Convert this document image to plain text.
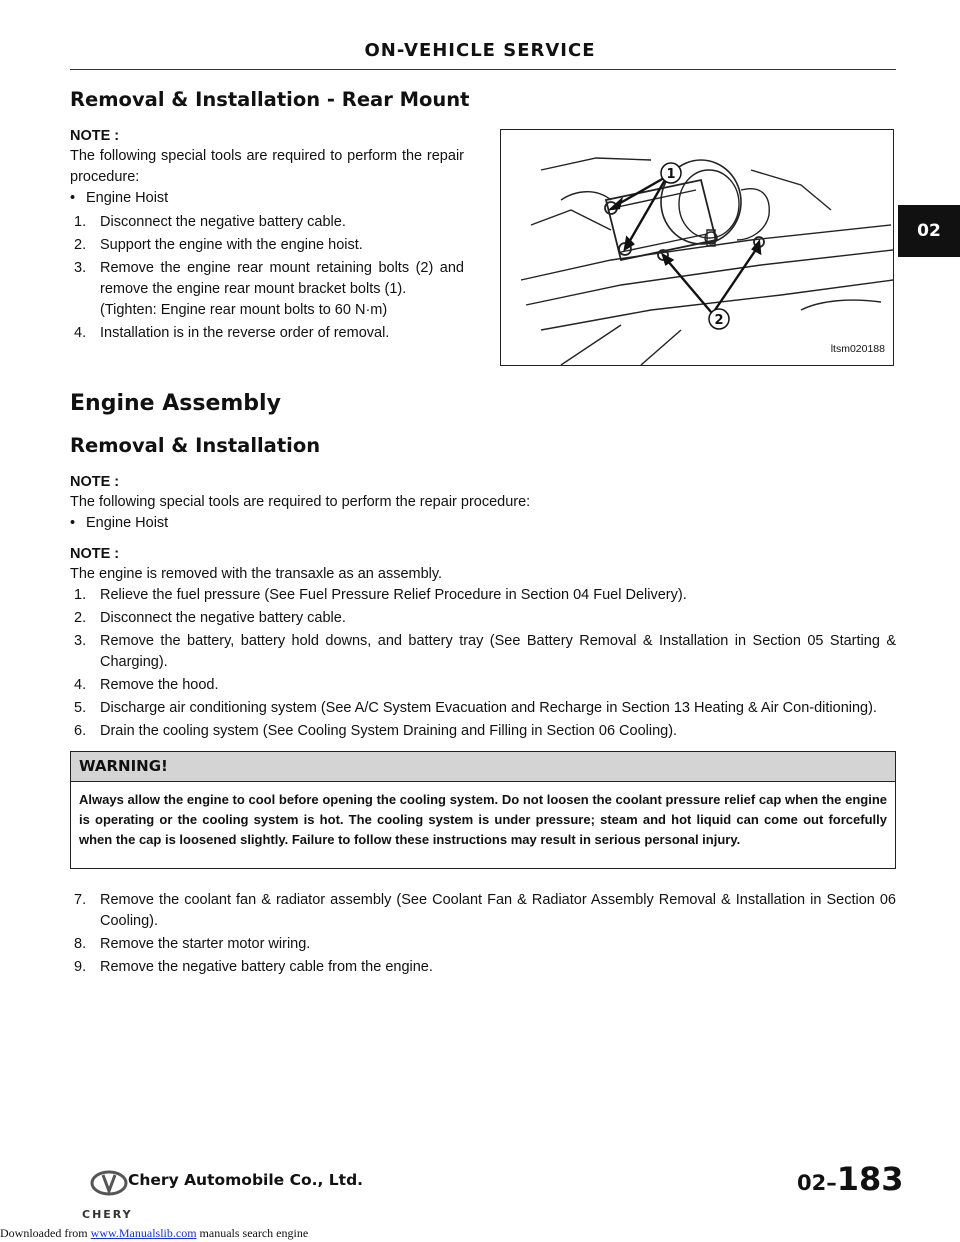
ON-VEHICLE SERVICE
02
Removal & Installation - Rear Mount

NOTE :

The following special tools are required to perform the repair procedure:

• Engine Hoist
1. Disconnect the negative battery cable.
2. Support the engine with the engine hoist.
3. Remove the engine rear mount retaining bolts (2) and remove the engine rear mount bracket bolts (1).
(Tighten: Engine rear mount bolts to 60 N·m)
4. Installation is in the reverse order of removal.
1
2
ltsm020188
Engine Assembly
Removal & Installation

NOTE :

The following special tools are required to perform the repair procedure:

• Engine Hoist

NOTE :

The engine is removed with the transaxle as an assembly.

1. Relieve the fuel pressure (See Fuel Pressure Relief Procedure in Section 04 Fuel Delivery).
2. Disconnect the negative battery cable.
3. Remove the battery, battery hold downs, and battery tray (See Battery Removal & Installation in Section 05 Starting & Charging).
4. Remove the hood.
5. Discharge air conditioning system (See A/C System Evacuation and Recharge in Section 13 Heating & Air Con-ditioning).
6. Drain the cooling system (See Cooling System Draining and Filling in Section 06 Cooling).
WARNING!
Always allow the engine to cool before opening the cooling system. Do not loosen the coolant pressure relief cap when the engine is operating or the cooling system is hot. The cooling system is under pressure; steam and hot liquid can come out forcefully when the cap is loosened slightly. Failure to follow these instructions may result in serious personal injury.
7. Remove the coolant fan & radiator assembly (See Coolant Fan & Radiator Assembly Removal & Installation in Section 06 Cooling).
8. Remove the starter motor wiring.
9. Remove the negative battery cable from the engine.
CHERY
Chery Automobile Co., Ltd.	02–183
Downloaded from www.Manualslib.com manuals search engine
